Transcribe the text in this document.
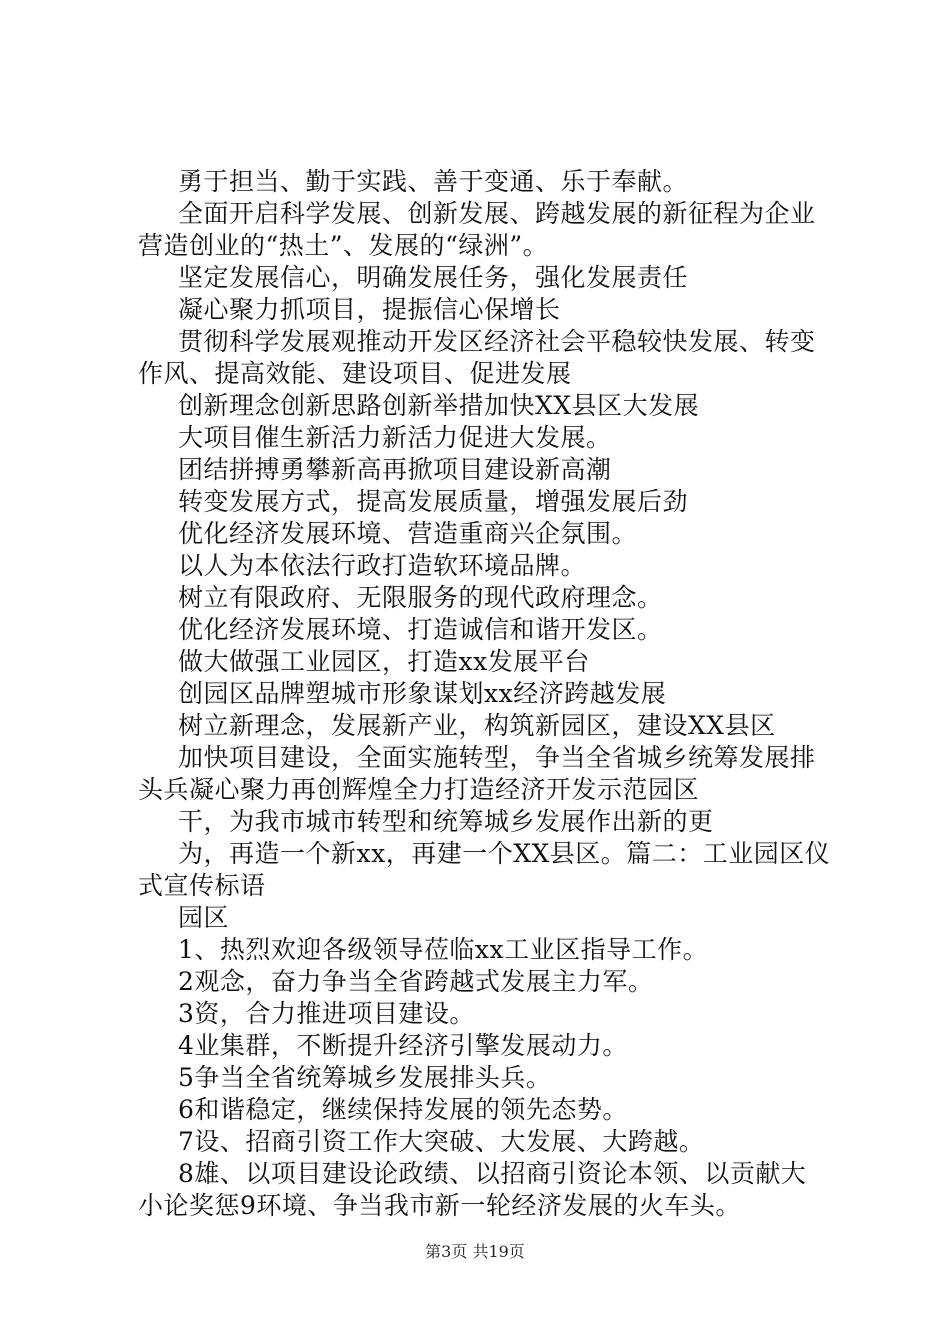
勇于担当、勤于实践、善于变通、乐于奉献。

全面开启科学发展、创新发展、跨越发展的新征程为企业
营造创业的“热土”、发展的“绿洲”。

坚定发展信心，明确发展任务，强化发展责任

凝心聚力抓项目，提振信心保增长

贯彻科学发展观推动开发区经济社会平稳较快发展、转变
作风、提高效能、建设项目、促进发展

创新理念创新思路创新举措加快XX县区大发展

大项目催生新活力新活力促进大发展。

团结拼搏勇攀新高再掀项目建设新高潮

转变发展方式，提高发展质量，增强发展后劲

优化经济发展环境、营造重商兴企氛围。

以人为本依法行政打造软环境品牌。

树立有限政府、无限服务的现代政府理念。

优化经济发展环境、打造诚信和谐开发区。

做大做强工业园区，打造xx发展平台

创园区品牌塑城市形象谋划xx经济跨越发展

树立新理念，发展新产业，构筑新园区，建设XX县区

加快项目建设，全面实施转型，争当全省城乡统筹发展排
头兵凝心聚力再创辉煌全力打造经济开发示范园区

干，为我市城市转型和统筹城乡发展作出新的更

为，再造一个新xx，再建一个XX县区。篇二：工业园区仪
式宣传标语

园区

1、热烈欢迎各级领导莅临xx工业区指导工作。

2观念，奋力争当全省跨越式发展主力军。

3资，合力推进项目建设。

4业集群，不断提升经济引擎发展动力。

5争当全省统筹城乡发展排头兵。

6和谐稳定，继续保持发展的领先态势。

7设、招商引资工作大突破、大发展、大跨越。

8雄、以项目建设论政绩、以招商引资论本领、以贡献大
小论奖惩9环境、争当我市新一轮经济发展的火车头。

第3页 共19页
